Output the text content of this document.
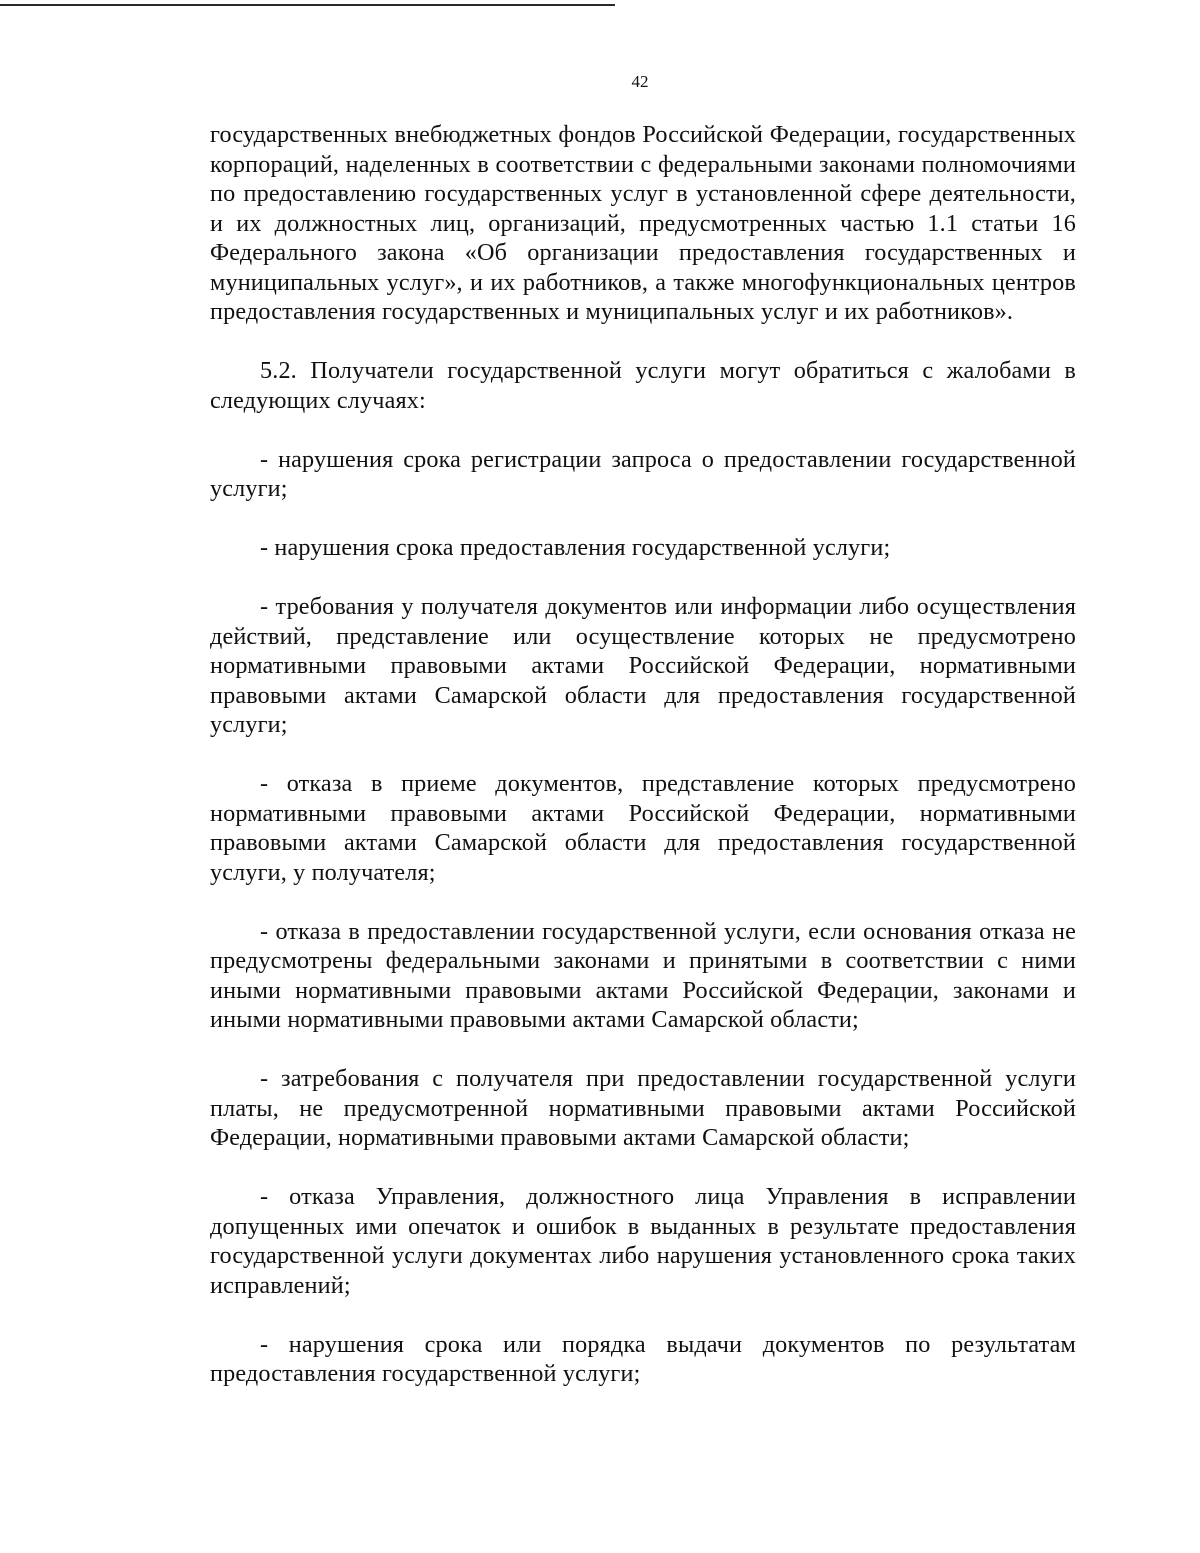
42

государственных внебюджетных фондов Российской Федерации, государственных корпораций, наделенных в соответствии с федеральными законами полномочиями по предоставлению государственных услуг в установленной сфере деятельности, и их должностных лиц, организаций, предусмотренных частью 1.1 статьи 16 Федерального закона «Об организации предоставления государственных и муниципальных услуг», и их работников, а также многофункциональных центров предоставления государственных и муниципальных услуг и их работников».

5.2. Получатели государственной услуги могут обратиться с жалобами в следующих случаях:

- нарушения срока регистрации запроса о предоставлении государственной услуги;

- нарушения срока предоставления государственной услуги;

- требования у получателя документов или информации либо осуществления действий, представление или осуществление которых не предусмотрено нормативными правовыми актами Российской Федерации, нормативными правовыми актами Самарской области для предоставления государственной услуги;

- отказа в приеме документов, представление которых предусмотрено нормативными правовыми актами Российской Федерации, нормативными правовыми актами Самарской области для предоставления государственной услуги, у получателя;

- отказа в предоставлении государственной услуги, если основания отказа не предусмотрены федеральными законами и принятыми в соответствии с ними иными нормативными правовыми актами Российской Федерации, законами и иными нормативными правовыми актами Самарской области;

- затребования с получателя при предоставлении государственной услуги платы, не предусмотренной нормативными правовыми актами Российской Федерации, нормативными правовыми актами Самарской области;

- отказа Управления, должностного лица Управления в исправлении допущенных ими опечаток и ошибок в выданных в результате предоставления государственной услуги документах либо нарушения установленного срока таких исправлений;

- нарушения срока или порядка выдачи документов по результатам предоставления государственной услуги;
